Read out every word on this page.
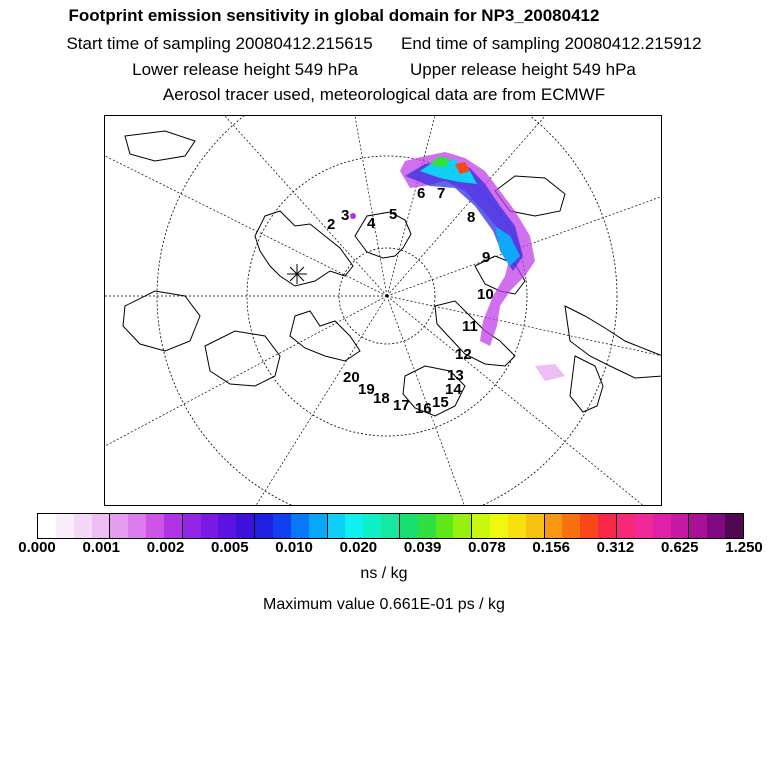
Footprint emission sensitivity in global domain for NP3_20080412
Start time of sampling 20080412.215615 End time of sampling 20080412.215912
Lower release height 549 hPa	Upper release height 549 hPa
Aerosol tracer used, meteorological data are from ECMWF
2
3 4
5
6 7
8
9
10
11
12
13
14
15
16
17
18
19
20
0.000 0.001 0.002 0.005 0.010 0.020 0.039 0.078 0.156 0.312 0.625 1.250
ns / kg
Maximum value 0.661E-01 ps / kg
